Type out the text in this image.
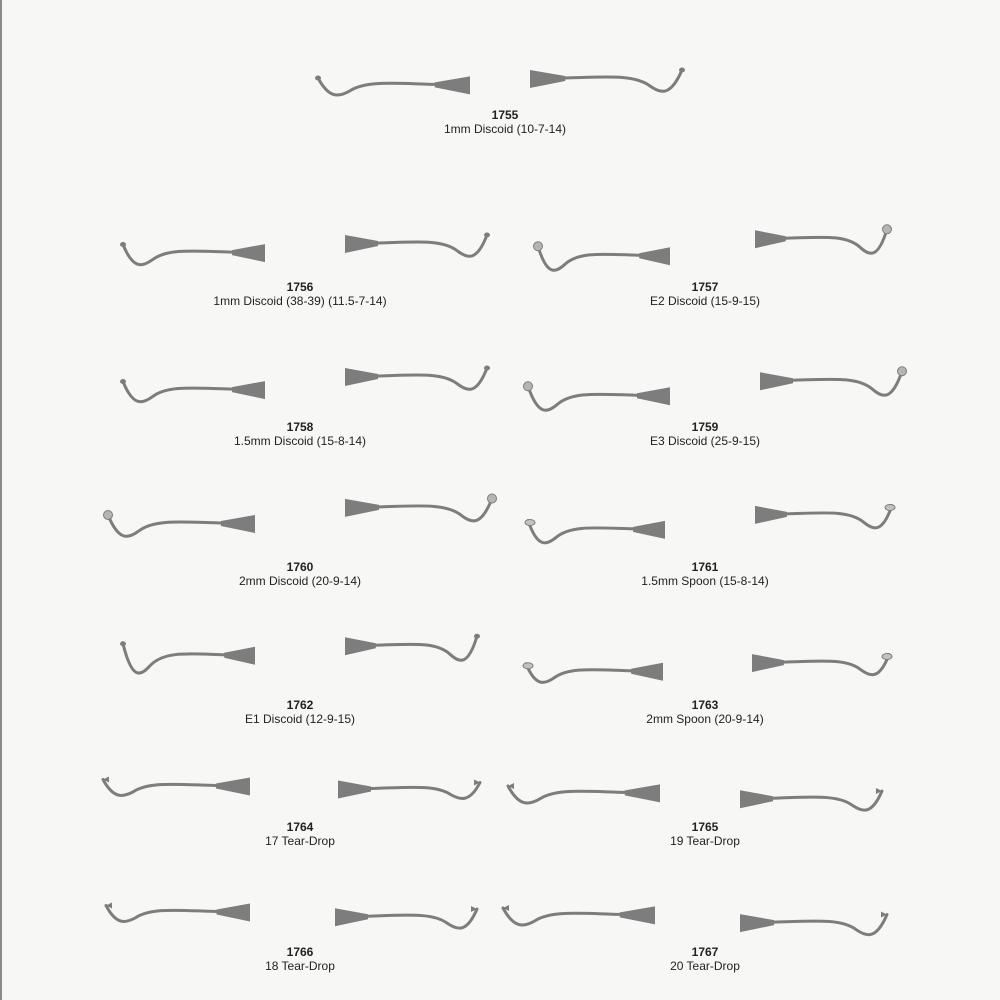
1755
1mm Discoid (10-7-14)
1756
1mm Discoid (38-39) (11.5-7-14)
1757
E2 Discoid (15-9-15)
1758
1.5mm Discoid (15-8-14)
1759
E3 Discoid (25-9-15)
1760
2mm Discoid (20-9-14)
1761
1.5mm Spoon (15-8-14)
1762
E1 Discoid (12-9-15)
1763
2mm Spoon (20-9-14)
1764
17 Tear-Drop
1765
19 Tear-Drop
1766
18 Tear-Drop
1767
20 Tear-Drop
